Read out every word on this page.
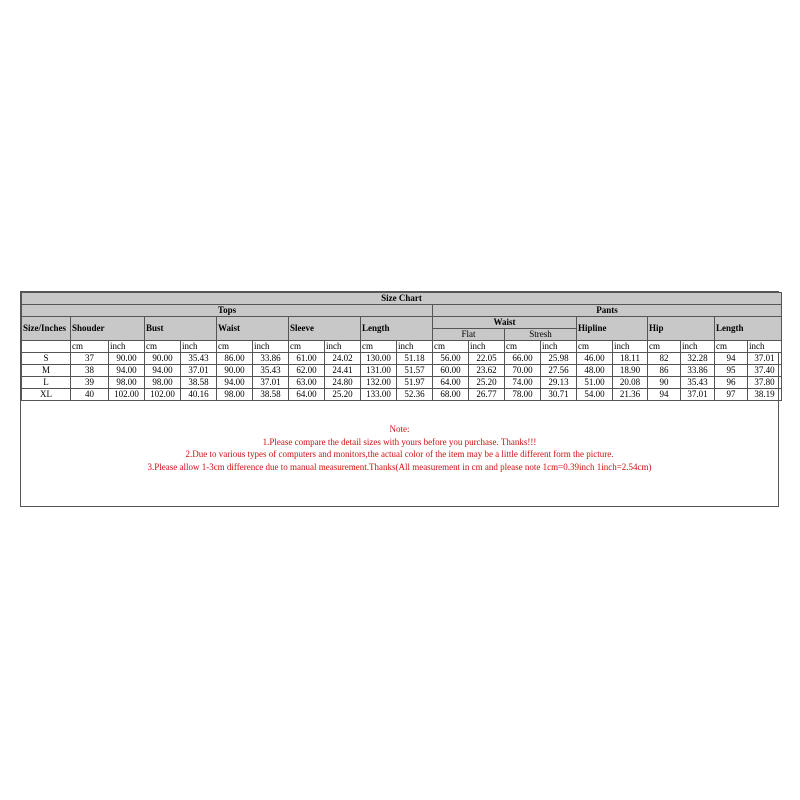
Size Chart																				
Tops											Pants									
Size/Inches	Shouder		Bust		Waist		Sleeve		Length		Waist				Hipline		Hip		Length	
											Flat		Stresh							
	cm	inch	cm	inch	cm	inch	cm	inch	cm	inch	cm	inch	cm	inch	cm	inch	cm	inch	cm	inch
S	37	90.00	90.00	35.43	86.00	33.86	61.00	24.02	130.00	51.18	56.00	22.05	66.00	25.98	46.00	18.11	82	32.28	94	37.01
M	38	94.00	94.00	37.01	90.00	35.43	62.00	24.41	131.00	51.57	60.00	23.62	70.00	27.56	48.00	18.90	86	33.86	95	37.40
L	39	98.00	98.00	38.58	94.00	37.01	63.00	24.80	132.00	51.97	64.00	25.20	74.00	29.13	51.00	20.08	90	35.43	96	37.80
XL	40	102.00	102.00	40.16	98.00	38.58	64.00	25.20	133.00	52.36	68.00	26.77	78.00	30.71	54.00	21.36	94	37.01	97	38.19
Note:
1.Please compare the detail sizes with yours before you purchase. Thanks!!!
2.Due to various types of computers and monitors,the actual color of the item may be a little different form the picture.
3.Please allow 1-3cm difference due to manual measurement.Thanks(All measurement in cm and please note 1cm=0.39inch 1inch=2.54cm)
